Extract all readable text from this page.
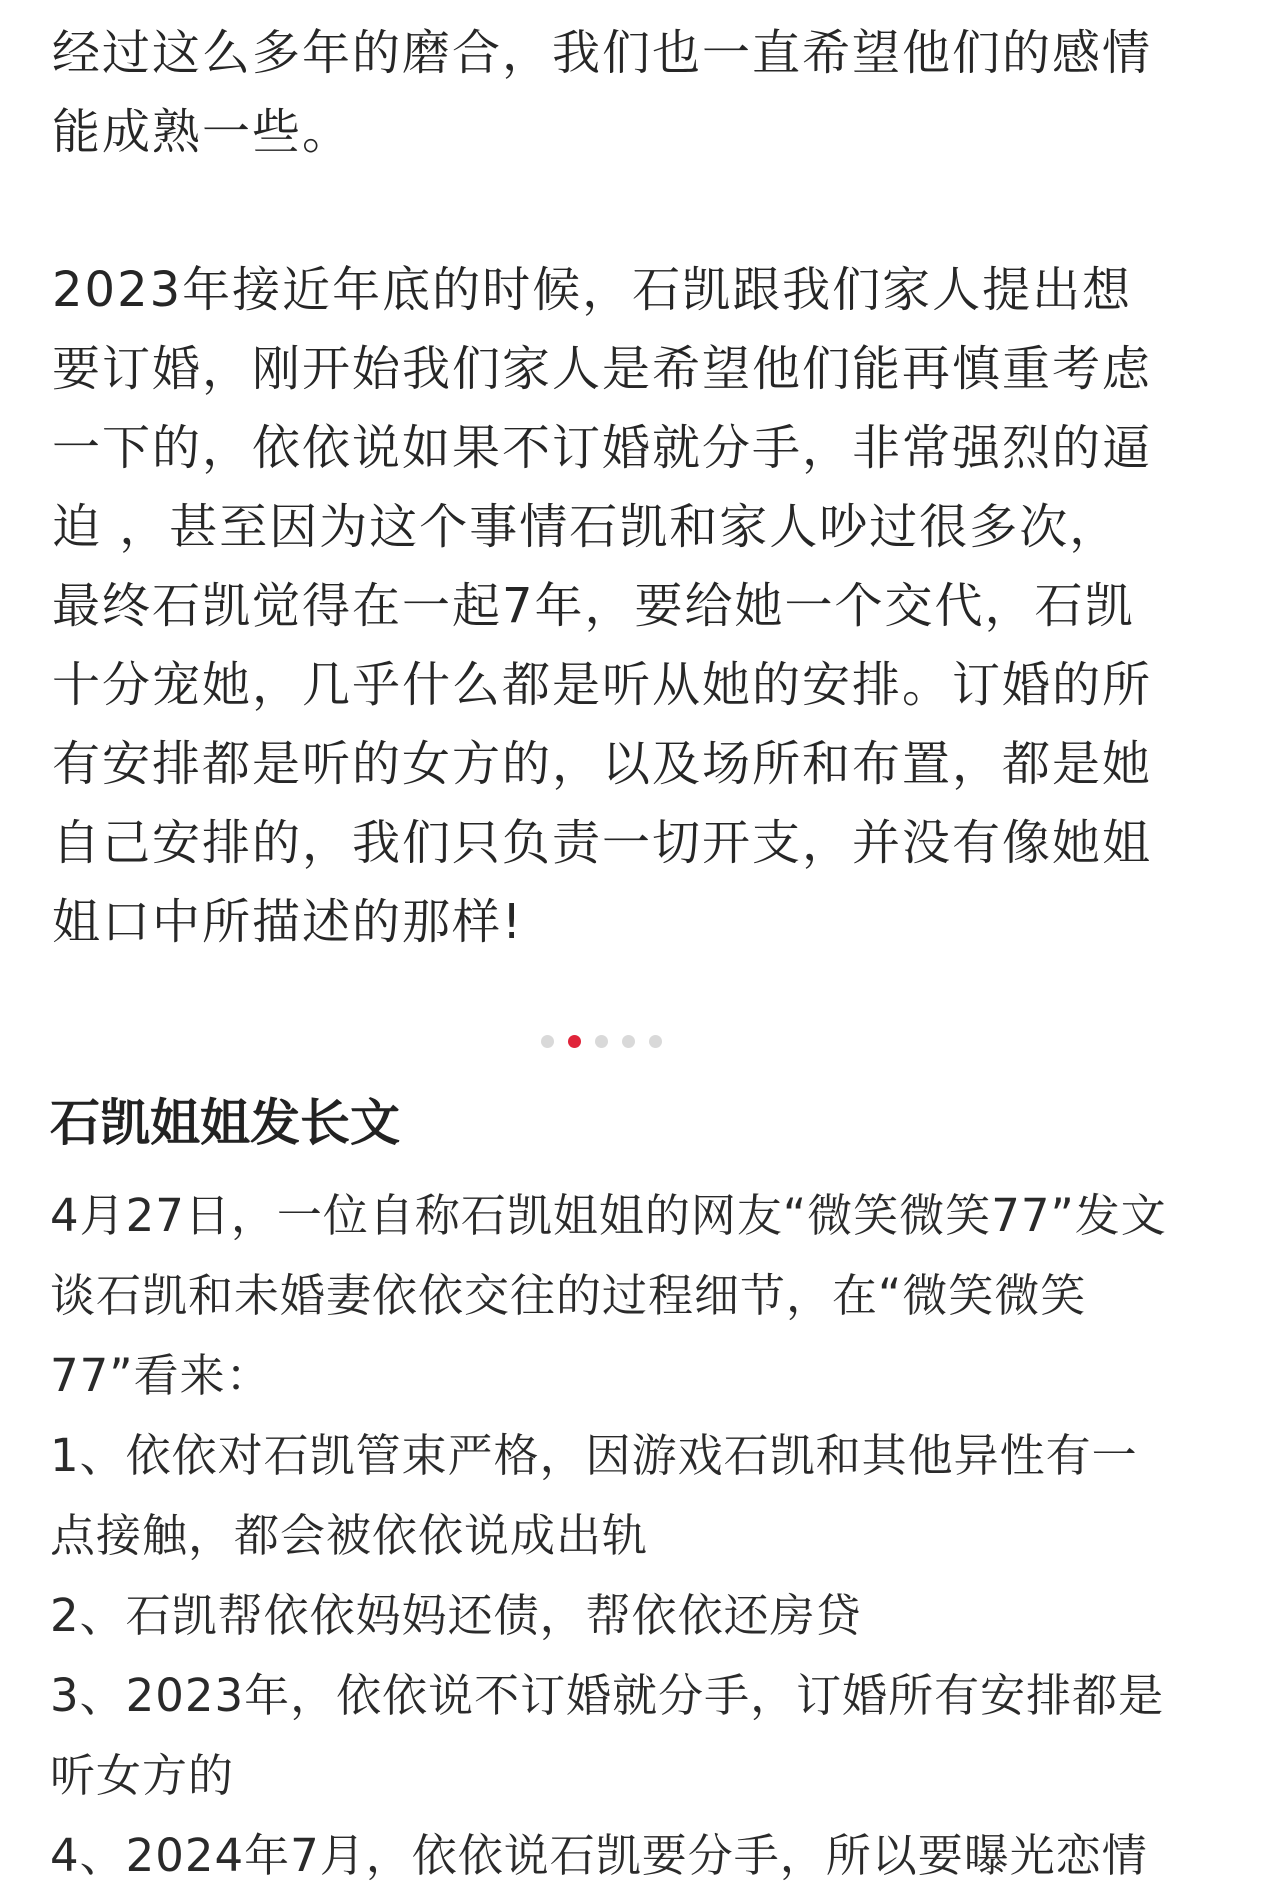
经过这么多年的磨合，我们也一直希望他们的感情

能成熟一些。

2023年接近年底的时候，石凯跟我们家人提出想

要订婚，刚开始我们家人是希望他们能再慎重考虑

一下的，依依说如果不订婚就分手，非常强烈的逼

迫 ，甚至因为这个事情石凯和家人吵过很多次，

最终石凯觉得在一起7年，要给她一个交代，石凯

十分宠她，几乎什么都是听从她的安排。订婚的所

有安排都是听的女方的，以及场所和布置，都是她

自己安排的，我们只负责一切开支，并没有像她姐

姐口中所描述的那样!

石凯姐姐发长文

4月27日，一位自称石凯姐姐的网友“微笑微笑77”发文

谈石凯和未婚妻依依交往的过程细节，在“微笑微笑

77”看来：

1、依依对石凯管束严格，因游戏石凯和其他异性有一

点接触，都会被依依说成出轨

2、石凯帮依依妈妈还债，帮依依还房贷

3、2023年，依依说不订婚就分手，订婚所有安排都是

听女方的

4、2024年7月，依依说石凯要分手，所以要曝光恋情
